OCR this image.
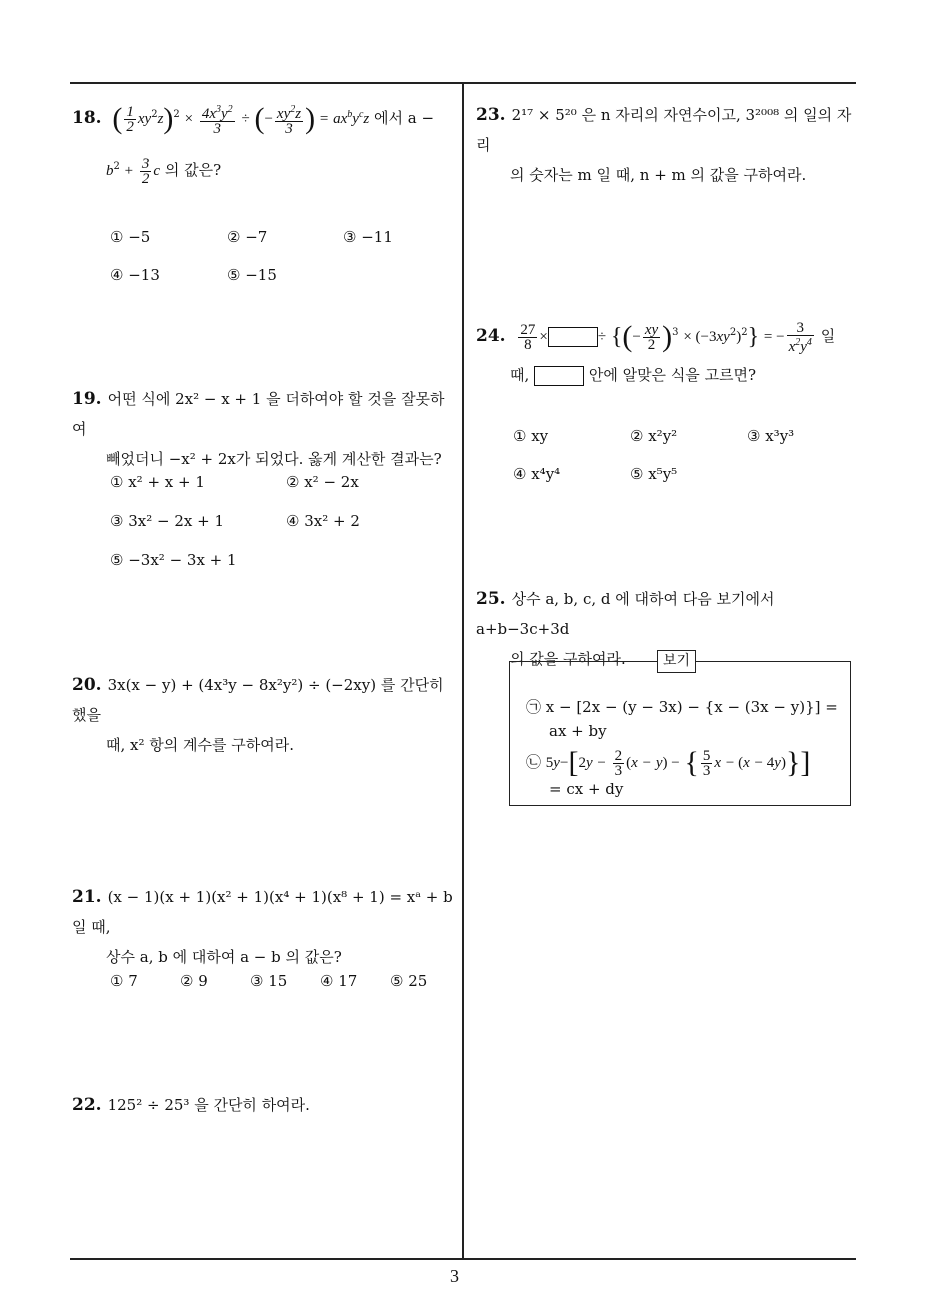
18. ( $\frac{1}{2} xy^2z)^2 \times \frac{4x^3y^2}{3}$ ÷ (− $\frac{xy^2z}{3}$ ) = $ax^by^cz$ 에서 a −
$b^2 + \frac{3}{2}$ c 의 값은?
① −5	② −7	③ −11
④ −13	⑤ −15
19. 어떤 식에 2x² − x + 1 을 더하여야 할 것을 잘못하여
빼었더니 −x² + 2x가 되었다. 옳게 계산한 결과는?
① x² + x + 1	② x² − 2x
③ 3x² − 2x + 1	④ 3x² + 2
⑤ −3x² − 3x + 1
20. 3x(x − y) + (4x³y − 8x²y²) ÷ (−2xy) 를 간단히 했을
때, x² 항의 계수를 구하여라.
21. (x − 1)(x + 1)(x² + 1)(x⁴ + 1)(x⁸ + 1) = xᵃ + b 일 때,
상수 a, b 에 대하여 a − b 의 값은?
① 7	② 9	③ 15 ④ 17 ⑤ 25
22. 125² ÷ 25³ 을 간단히 하여라.
23. 2¹⁷ × 5²⁰ 은 n 자리의 자연수이고, 3²⁰⁰⁸ 의 일의 자리
의 숫자는 m 일 때, n + m 의 값을 구하여라.
24. $\frac{27}{8}$ ×	÷ {(− $\frac{xy}{2} )^3 \times (-3xy^2)^2$} = − $\frac{3}{x^2y^4}$ 일
때,	안에 알맞은 식을 고르면?
① xy	② x²y²	③ x³y³
④ x⁴y⁴	⑤ x⁵y⁵
25. 상수 a, b, c, d 에 대하여 다음 보기에서 a+b−3c+3d
의 값을 구하여라.	보기
㉠ x − [2x − (y − 3x) − {x − (3x − y)}] =
ax + by
㉡ $5y-[2y - \frac{2}{3} (x - y)$ − { $\frac{5}{3}$ x − (x − 4y)}]
= cx + dy
3
